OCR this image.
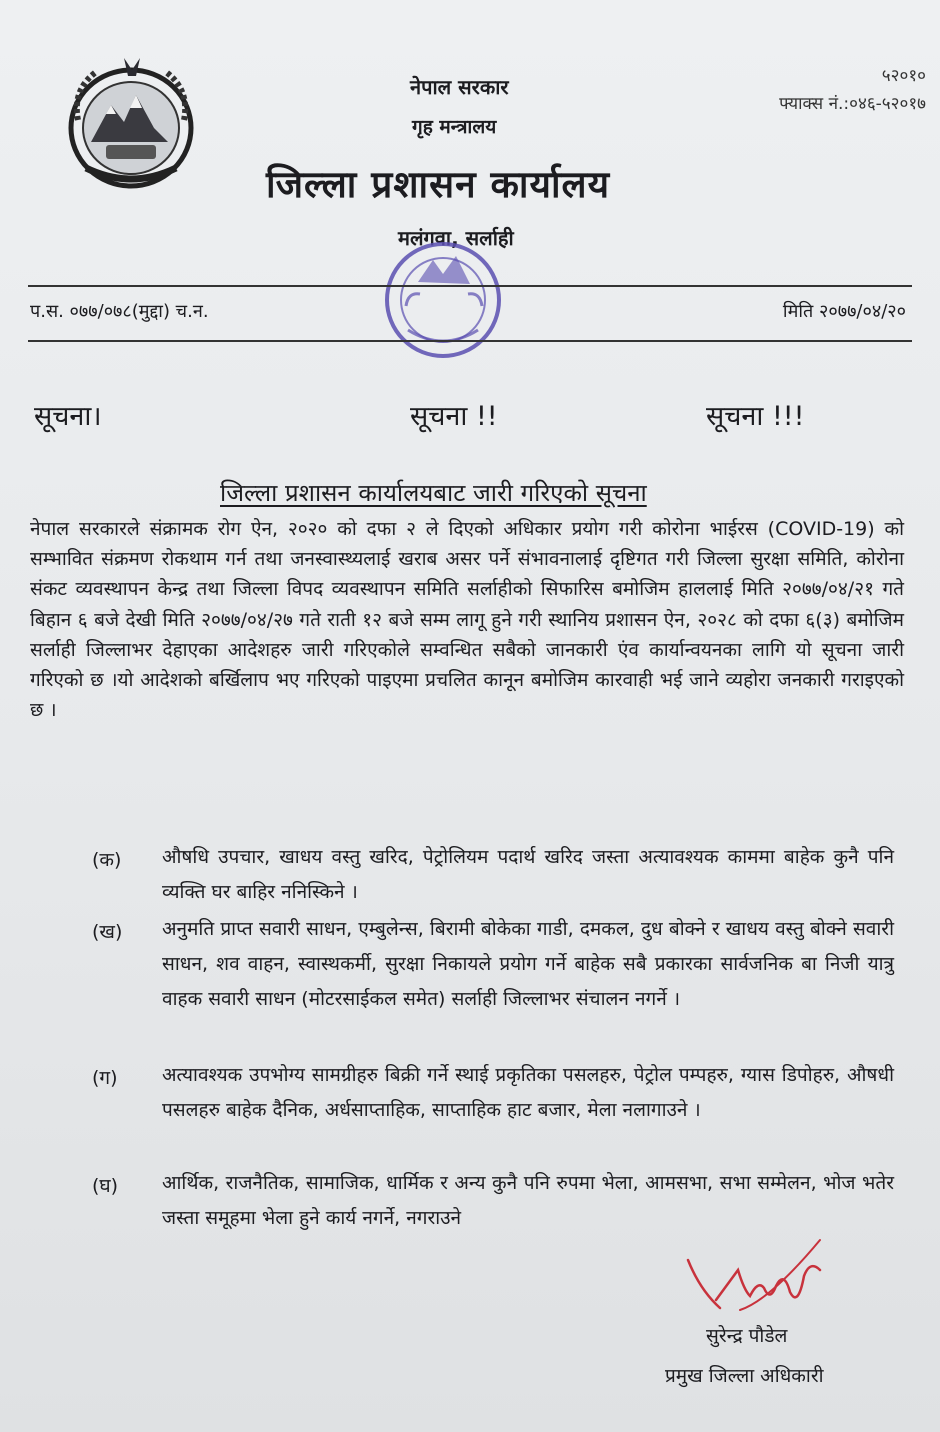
नेपाल सरकार
गृह मन्त्रालय
जिल्ला प्रशासन कार्यालय
मलंगवा, सर्लाही
५२०१०
फ्याक्स नं.:०४६-५२०१७
प.स. ०७७/०७८(मुद्दा) च.न.	मिति २०७७/०४/२०
सूचना।	सूचना !!	सूचना !!!
जिल्ला प्रशासन कार्यालयबाट जारी गरिएको सूचना
नेपाल सरकारले संक्रामक रोग ऐन, २०२० को दफा २ ले दिएको अधिकार प्रयोग गरी कोरोना भाईरस (COVID-19) को सम्भावित संक्रमण रोकथाम गर्न तथा जनस्वास्थ्यलाई खराब असर पर्ने संभावनालाई दृष्टिगत गरी जिल्ला सुरक्षा समिति, कोरोना संकट व्यवस्थापन केन्द्र तथा जिल्ला विपद व्यवस्थापन समिति सर्लाहीको सिफारिस बमोजिम हाललाई मिति २०७७/०४/२१ गते बिहान ६ बजे देखी मिति २०७७/०४/२७ गते राती १२ बजे सम्म लागू हुने गरी स्थानिय प्रशासन ऐन, २०२८ को दफा ६(३) बमोजिम सर्लाही जिल्लाभर देहाएका आदेशहरु जारी गरिएकोले सम्वन्धित सबैको जानकारी एंव कार्यान्वयनका लागि यो सूचना जारी गरिएको छ ।यो आदेशको बर्खिलाप भए गरिएको पाइएमा प्रचलित कानून बमोजिम कारवाही भई जाने व्यहोरा जनकारी गराइएको छ ।
(क) औषधि उपचार, खाधय वस्तु खरिद, पेट्रोलियम पदार्थ खरिद जस्ता अत्यावश्यक काममा बाहेक कुनै पनि व्यक्ति घर बाहिर ननिस्किने ।
(ख) अनुमति प्राप्त सवारी साधन, एम्बुलेन्स, बिरामी बोकेका गाडी, दमकल, दुध बोक्ने र खाधय वस्तु बोक्ने सवारी साधन, शव वाहन, स्वास्थकर्मी, सुरक्षा निकायले प्रयोग गर्ने बाहेक सबै प्रकारका सार्वजनिक बा निजी यात्रु वाहक सवारी साधन (मोटरसाईकल समेत) सर्लाही जिल्लाभर संचालन नगर्ने ।
(ग) अत्यावश्यक उपभोग्य सामग्रीहरु बिक्री गर्ने स्थाई प्रकृतिका पसलहरु, पेट्रोल पम्पहरु, ग्यास डिपोहरु, औषधी पसलहरु बाहेक दैनिक, अर्धसाप्ताहिक, साप्ताहिक हाट बजार, मेला नलागाउने ।
(घ) आर्थिक, राजनैतिक, सामाजिक, धार्मिक र अन्य कुनै पनि रुपमा भेला, आमसभा, सभा सम्मेलन, भोज भतेर जस्ता समूहमा भेला हुने कार्य नगर्ने, नगराउने
सुरेन्द्र पौडेल
प्रमुख जिल्ला अधिकारी
